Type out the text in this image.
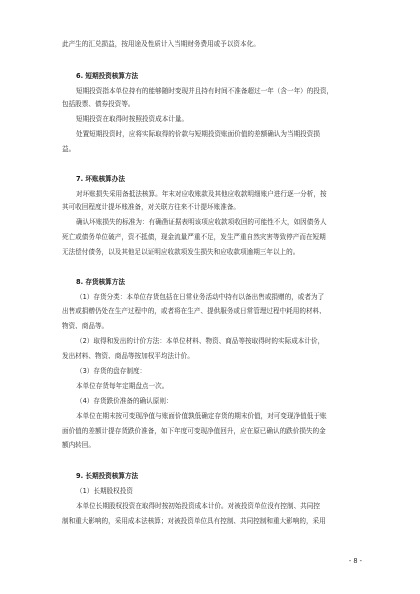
此产生的汇兑损益，按用途及性质计入当期财务费用或予以资本化。
6. 短期投资核算方法
短期投资指本单位持有的能够随时变现并且持有时间不准备超过一年（含一年）的投资，
包括股票、债券投资等。
短期投资在取得时按照投资成本计量。
处置短期投资时，应将实际取得的价款与短期投资账面价值的差额确认为当期投资损
益。
7. 坏账核算办法
对坏账损失采用备抵法核算。年末对应收账款及其他应收款明细账户进行逐一分析，按
其可收回程度计提坏账准备，对关联方往来不计提坏账准备。
确认坏账损失的标准为：有确凿证据表明该项应收款项收回的可能性不大，如因债务人
死亡或债务单位破产，资不抵债，现金流量严重不足，发生严重自然灾害等致停产而在短期
无法偿付债务，以及其他足以证明应收款项发生损失和应收款项逾期三年以上的。
8. 存货核算方法
（1）存货分类：本单位存货包括在日常业务活动中持有以备出售或捐赠的，或者为了
出售或捐赠仍处在生产过程中的，或者将在生产、提供服务或日常管理过程中耗用的材料、
物资、商品等。
（2）取得和发出的计价方法：本单位材料、物资、商品等按取得时的实际成本计价，
发出材料、物资、商品等按加权平均法计价。
（3）存货的盘存制度：
本单位存货每年定期盘点一次。
（4）存货跌价准备的确认原则：
本单位在期末按可变现净值与账面价值孰低确定存货的期末价值，对可变现净值低于账
面价值的差额计提存货跌价准备，如下年度可变现净值回升，应在原已确认的跌价损失的金
额内转回。
9. 长期投资核算方法
（1）长期股权投资
本单位长期股权投资在取得时按初始投资成本计价。对被投资单位没有控制、共同控
制和重大影响的，采用成本法核算；对被投资单位具有控制、共同控制和重大影响的，采用
- 8 -
